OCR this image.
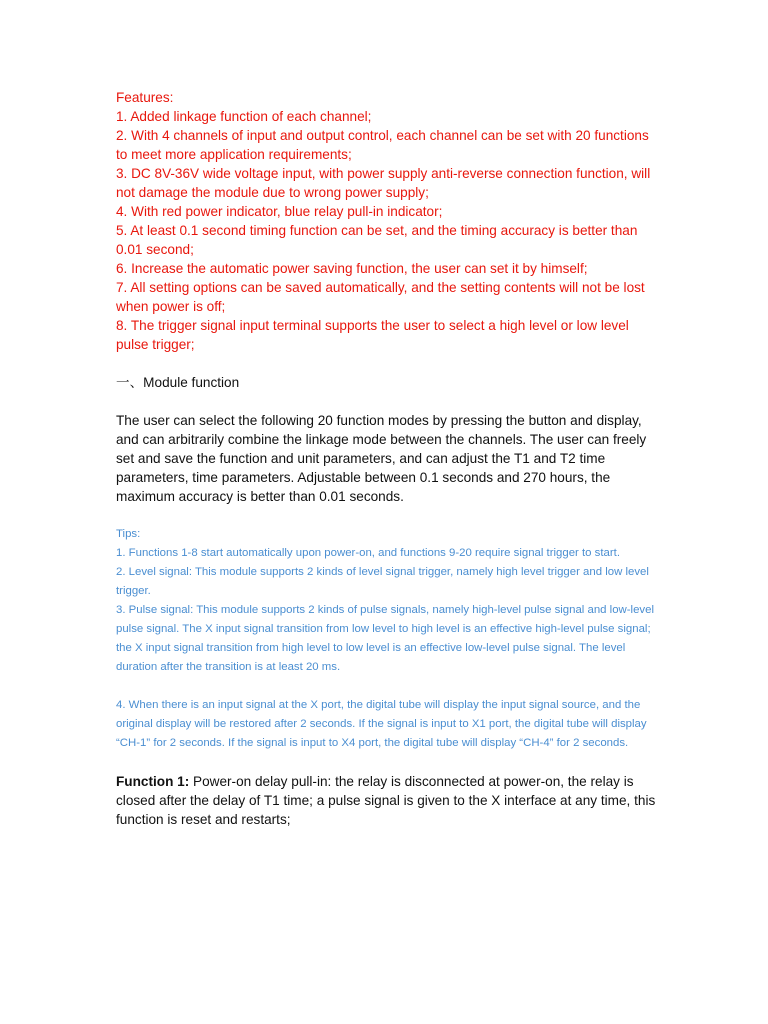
Features:

1. Added linkage function of each channel;

2. With 4 channels of input and output control, each channel can be set with 20 functions to meet more application requirements;

3. DC 8V-36V wide voltage input, with power supply anti-reverse connection function, will not damage the module due to wrong power supply;

4. With red power indicator, blue relay pull-in indicator;

5. At least 0.1 second timing function can be set, and the timing accuracy is better than 0.01 second;

6. Increase the automatic power saving function, the user can set it by himself;

7. All setting options can be saved automatically, and the setting contents will not be lost when power is off;

8. The trigger signal input terminal supports the user to select a high level or low level pulse trigger;

一、Module function

The user can select the following 20 function modes by pressing the button and display, and can arbitrarily combine the linkage mode between the channels. The user can freely set and save the function and unit parameters, and can adjust the T1 and T2 time parameters, time parameters. Adjustable between 0.1 seconds and 270 hours, the maximum accuracy is better than 0.01 seconds.

Tips:

1. Functions 1-8 start automatically upon power-on, and functions 9-20 require signal trigger to start.

2. Level signal: This module supports 2 kinds of level signal trigger, namely high level trigger and low level trigger.

3. Pulse signal: This module supports 2 kinds of pulse signals, namely high-level pulse signal and low-level pulse signal. The X input signal transition from low level to high level is an effective high-level pulse signal; the X input signal transition from high level to low level is an effective low-level pulse signal. The level duration after the transition is at least 20 ms.

4. When there is an input signal at the X port, the digital tube will display the input signal source, and the original display will be restored after 2 seconds. If the signal is input to X1 port, the digital tube will display “CH-1” for 2 seconds. If the signal is input to X4 port, the digital tube will display “CH-4” for 2 seconds.

Function 1: Power-on delay pull-in: the relay is disconnected at power-on, the relay is closed after the delay of T1 time; a pulse signal is given to the X interface at any time, this function is reset and restarts;
